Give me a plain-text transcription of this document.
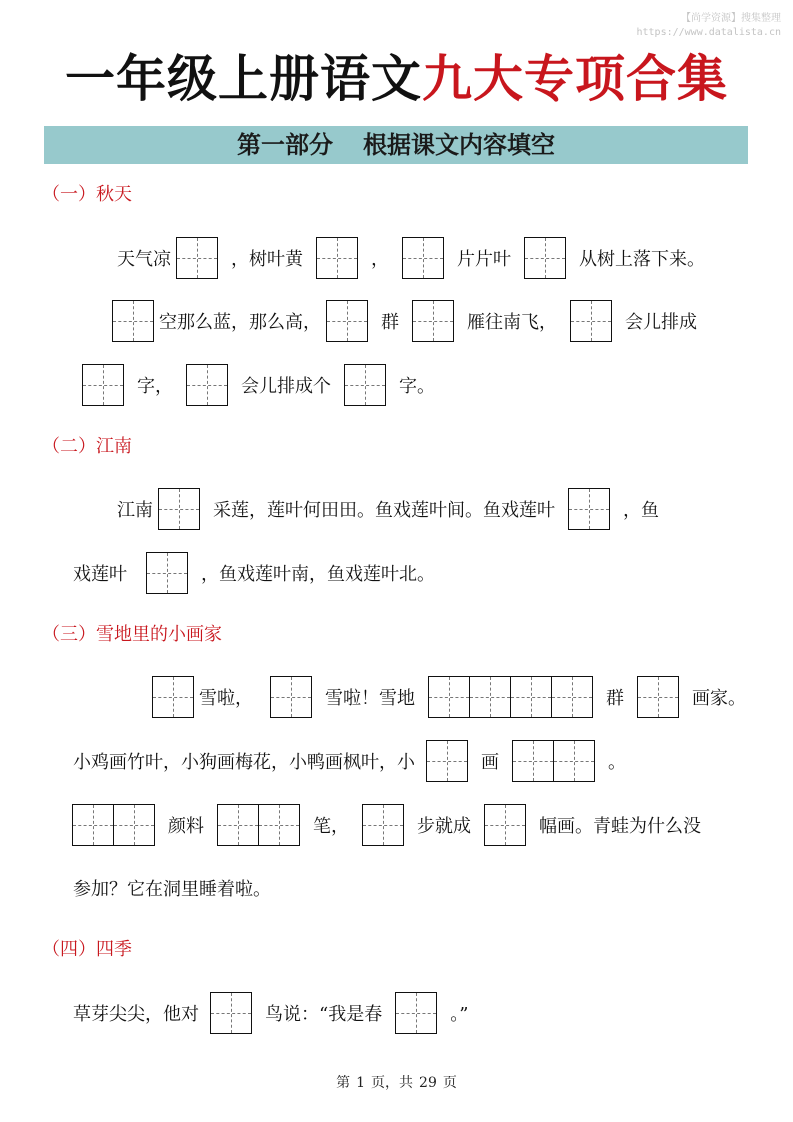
【尚学资源】搜集整理
https://www.datalista.cn
一年级上册语文九大专项合集
第一部分 根据课文内容填空
（一）秋天
天气凉	，树叶黄	，	片片叶	从树上落下来。
空那么蓝，那么高，	群	雁往南飞，	会儿排成
字，	会儿排成个	字。
（二）江南
江南	采莲，莲叶何田田。鱼戏莲叶间。鱼戏莲叶	，鱼
戏莲叶	，鱼戏莲叶南，鱼戏莲叶北。
（三）雪地里的小画家
雪啦，	雪啦！雪地	群	画家。
小鸡画竹叶，小狗画梅花，小鸭画枫叶，小	画	。
颜料	笔，	步就成	幅画。青蛙为什么没
参加？它在洞里睡着啦。
（四）四季
草芽尖尖，他对	鸟说：“我是春	。”
第 1 页，共 29 页
